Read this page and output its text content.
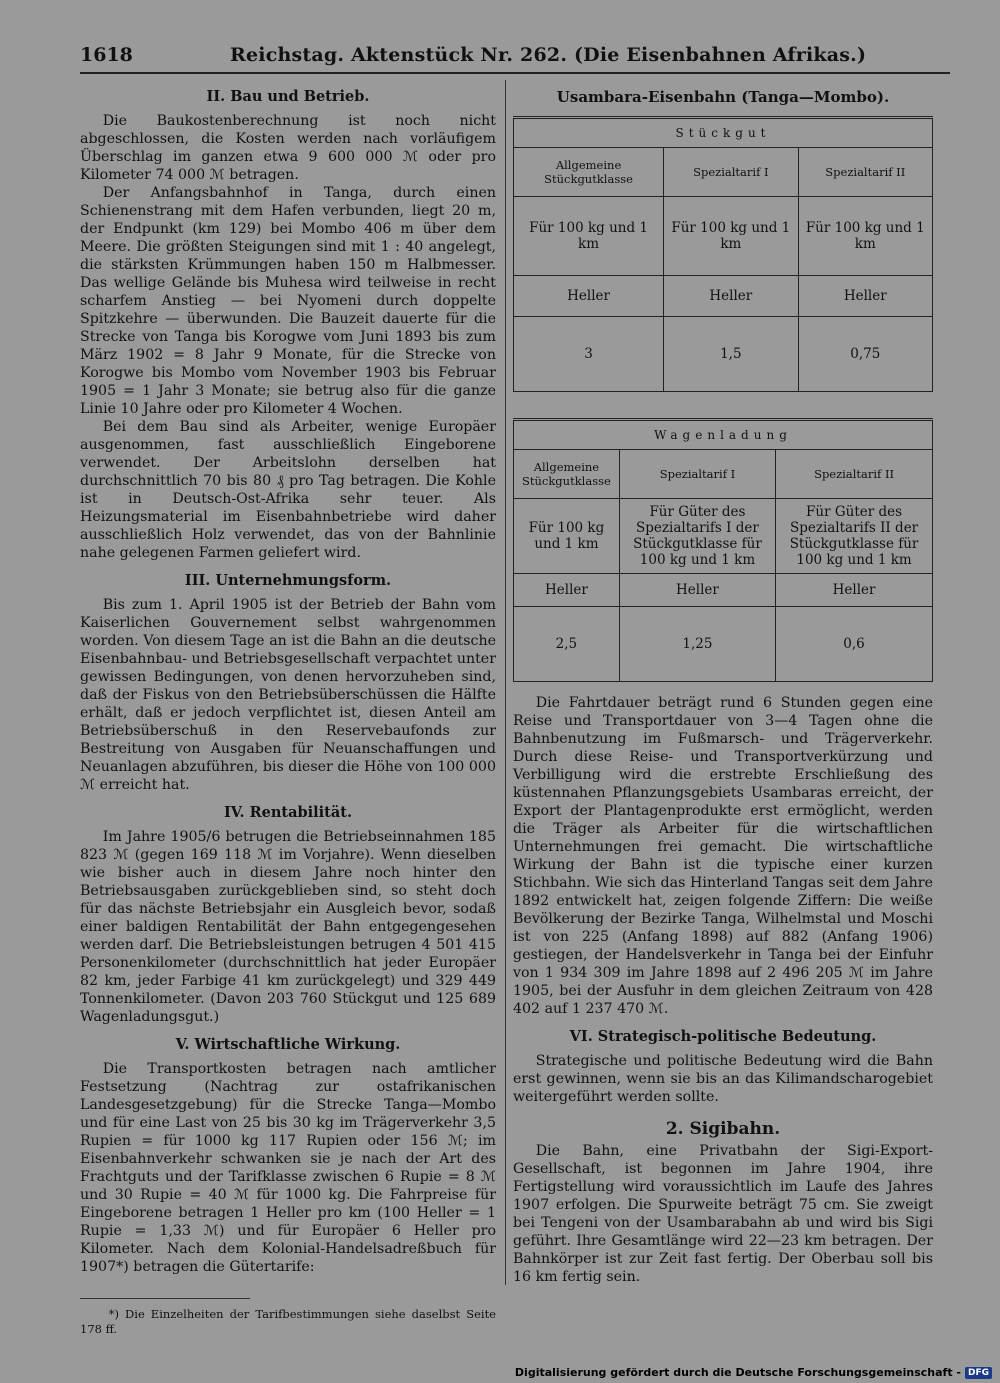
1618	Reichstag. Aktenstück Nr. 262. (Die Eisenbahnen Afrikas.)
II. Bau und Betrieb.

Die Baukostenberechnung ist noch nicht abgeschlossen, die Kosten werden nach vorläufigem Überschlag im ganzen etwa 9 600 000 ℳ oder pro Kilometer 74 000 ℳ betragen.

Der Anfangsbahnhof in Tanga, durch einen Schienenstrang mit dem Hafen verbunden, liegt 20 m, der Endpunkt (km 129) bei Mombo 406 m über dem Meere. Die größten Steigungen sind mit 1 : 40 angelegt, die stärksten Krümmungen haben 150 m Halbmesser. Das wellige Gelände bis Muhesa wird teilweise in recht scharfem Anstieg — bei Nyomeni durch doppelte Spitzkehre — überwunden. Die Bauzeit dauerte für die Strecke von Tanga bis Korogwe vom Juni 1893 bis zum März 1902 = 8 Jahr 9 Monate, für die Strecke von Korogwe bis Mombo vom November 1903 bis Februar 1905 = 1 Jahr 3 Monate; sie betrug also für die ganze Linie 10 Jahre oder pro Kilometer 4 Wochen.

Bei dem Bau sind als Arbeiter, wenige Europäer ausgenommen, fast ausschließlich Eingeborene verwendet. Der Arbeitslohn derselben hat durchschnittlich 70 bis 80 ₰ pro Tag betragen. Die Kohle ist in Deutsch-Ost-Afrika sehr teuer. Als Heizungsmaterial im Eisenbahnbetriebe wird daher ausschließlich Holz verwendet, das von der Bahnlinie nahe gelegenen Farmen geliefert wird.

III. Unternehmungsform.

Bis zum 1. April 1905 ist der Betrieb der Bahn vom Kaiserlichen Gouvernement selbst wahrgenommen worden. Von diesem Tage an ist die Bahn an die deutsche Eisenbahnbau- und Betriebsgesellschaft verpachtet unter gewissen Bedingungen, von denen hervorzuheben sind, daß der Fiskus von den Betriebsüberschüssen die Hälfte erhält, daß er jedoch verpflichtet ist, diesen Anteil am Betriebsüberschuß in den Reservebaufonds zur Bestreitung von Ausgaben für Neuanschaffungen und Neuanlagen abzuführen, bis dieser die Höhe von 100 000 ℳ erreicht hat.

IV. Rentabilität.

Im Jahre 1905/6 betrugen die Betriebseinnahmen 185 823 ℳ (gegen 169 118 ℳ im Vorjahre). Wenn dieselben wie bisher auch in diesem Jahre noch hinter den Betriebsausgaben zurückgeblieben sind, so steht doch für das nächste Betriebsjahr ein Ausgleich bevor, sodaß einer baldigen Rentabilität der Bahn entgegengesehen werden darf. Die Betriebsleistungen betrugen 4 501 415 Personenkilometer (durchschnittlich hat jeder Europäer 82 km, jeder Farbige 41 km zurückgelegt) und 329 449 Tonnenkilometer. (Davon 203 760 Stückgut und 125 689 Wagenladungsgut.)

V. Wirtschaftliche Wirkung.

Die Transportkosten betragen nach amtlicher Festsetzung (Nachtrag zur ostafrikanischen Landesgesetzgebung) für die Strecke Tanga—Mombo und für eine Last von 25 bis 30 kg im Trägerverkehr 3,5 Rupien = für 1000 kg 117 Rupien oder 156 ℳ; im Eisenbahnverkehr schwanken sie je nach der Art des Frachtguts und der Tarifklasse zwischen 6 Rupie = 8 ℳ und 30 Rupie = 40 ℳ für 1000 kg. Die Fahrpreise für Eingeborene betragen 1 Heller pro km (100 Heller = 1 Rupie = 1,33 ℳ) und für Europäer 6 Heller pro Kilometer. Nach dem Kolonial-Handelsadreßbuch für 1907*) betragen die Gütertarife:

*) Die Einzelheiten der Tarifbestimmungen siehe daselbst Seite 178 ff.
Usambara-Eisenbahn (Tanga—Mombo).
Stückgut		
Allgemeine Stückgutklasse	Spezialtarif I	Spezialtarif II
Für 100 kg und 1 km	Für 100 kg und 1 km	Für 100 kg und 1 km
Heller	Heller	Heller
3	1,5	0,75
Wagenladung		
Allgemeine Stückgutklasse	Spezialtarif I	Spezialtarif II
Für 100 kg und 1 km	Für Güter des Spezialtarifs I der Stückgutklasse für 100 kg und 1 km	Für Güter des Spezialtarifs II der Stückgutklasse für 100 kg und 1 km
Heller	Heller	Heller
2,5	1,25	0,6

Die Fahrtdauer beträgt rund 6 Stunden gegen eine Reise und Transportdauer von 3—4 Tagen ohne die Bahnbenutzung im Fußmarsch- und Trägerverkehr. Durch diese Reise- und Transportverkürzung und Verbilligung wird die erstrebte Erschließung des küstennahen Pflanzungsgebiets Usambaras erreicht, der Export der Plantagenprodukte erst ermöglicht, werden die Träger als Arbeiter für die wirtschaftlichen Unternehmungen frei gemacht. Die wirtschaftliche Wirkung der Bahn ist die typische einer kurzen Stichbahn. Wie sich das Hinterland Tangas seit dem Jahre 1892 entwickelt hat, zeigen folgende Ziffern: Die weiße Bevölkerung der Bezirke Tanga, Wilhelmstal und Moschi ist von 225 (Anfang 1898) auf 882 (Anfang 1906) gestiegen, der Handelsverkehr in Tanga bei der Einfuhr von 1 934 309 im Jahre 1898 auf 2 496 205 ℳ im Jahre 1905, bei der Ausfuhr in dem gleichen Zeitraum von 428 402 auf 1 237 470 ℳ.

VI. Strategisch-politische Bedeutung.

Strategische und politische Bedeutung wird die Bahn erst gewinnen, wenn sie bis an das Kilimandscharogebiet weitergeführt werden sollte.

2. Sigibahn.

Die Bahn, eine Privatbahn der Sigi-Export-Gesellschaft, ist begonnen im Jahre 1904, ihre Fertigstellung wird voraussichtlich im Laufe des Jahres 1907 erfolgen. Die Spurweite beträgt 75 cm. Sie zweigt bei Tengeni von der Usambarabahn ab und wird bis Sigi geführt. Ihre Gesamtlänge wird 22—23 km betragen. Der Bahnkörper ist zur Zeit fast fertig. Der Oberbau soll bis 16 km fertig sein.

Digitalisierung gefördert durch die Deutsche Forschungsgemeinschaft - DFG
